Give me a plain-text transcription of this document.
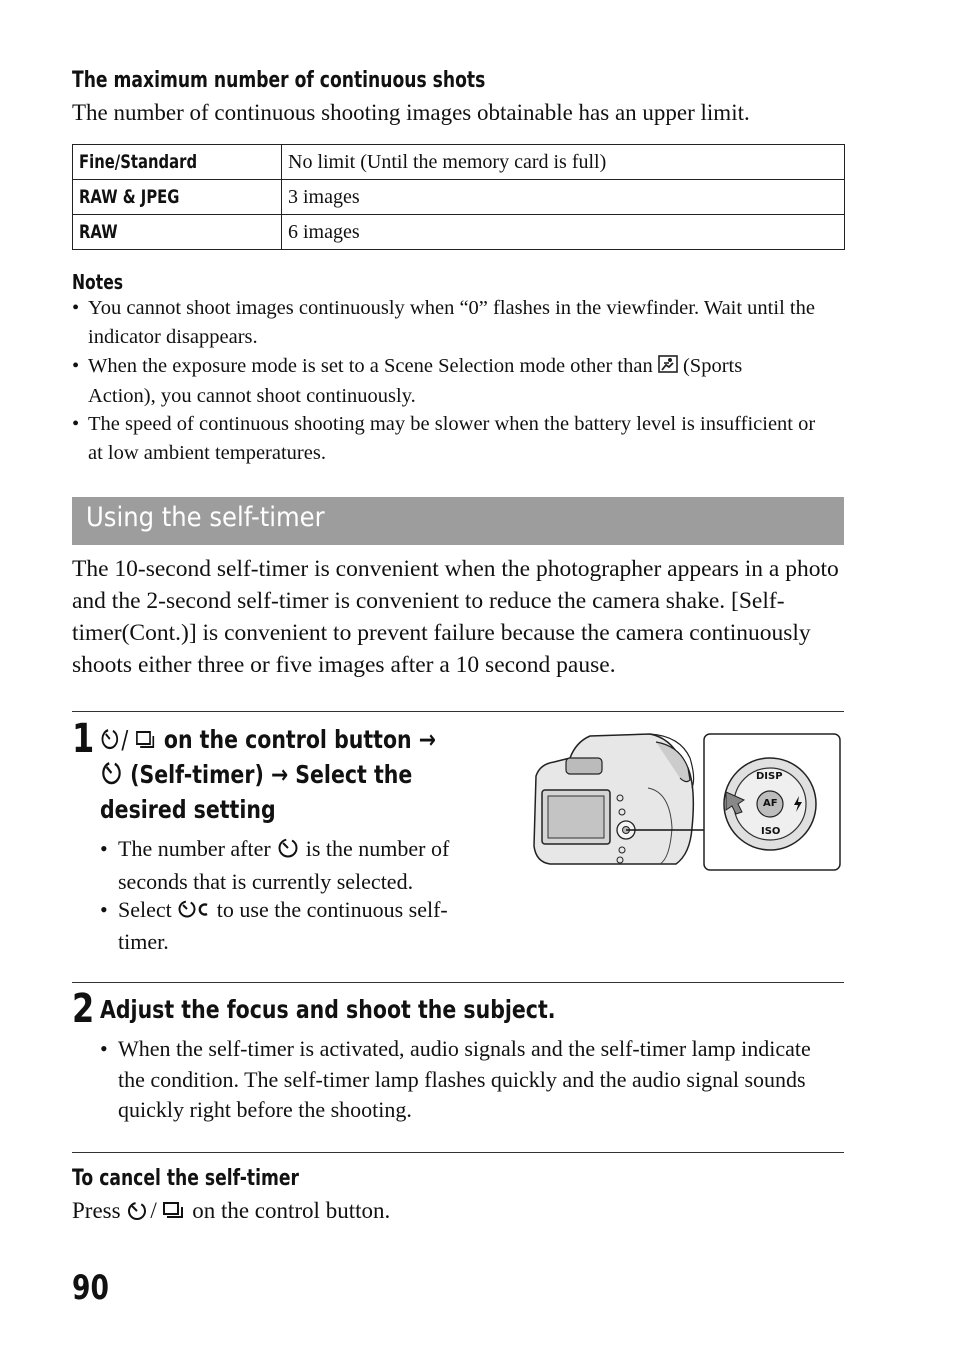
The maximum number of continuous shots
The number of continuous shooting images obtainable has an upper limit.
Fine/Standard	No limit (Until the memory card is full)
RAW & JPEG	3 images
RAW	6 images
Notes
• You cannot shoot images continuously when “0” flashes in the viewfinder. Wait until the indicator disappears.
• When the exposure mode is set to a Scene Selection mode other than (Sports
Action), you cannot shoot continuously.
• The speed of continuous shooting may be slower when the battery level is insufficient or at low ambient temperatures.
Using the self-timer
The 10-second self-timer is convenient when the photographer appears in a photo and the 2-second self-timer is convenient to reduce the camera shake. [Self-timer(Cont.)] is convenient to prevent failure because the camera continuously shoots either three or five images after a 10 second pause.
1	/ on the control button →
(Self-timer) → Select the
desired setting
• The number after is the number of
seconds that is currently selected.
• Select to use the continuous self-
timer.
DISP
AF
ISO
2 Adjust the focus and shoot the subject.
• When the self-timer is activated, audio signals and the self-timer lamp indicate the condition. The self-timer lamp flashes quickly and the audio signal sounds quickly right before the shooting.
To cancel the self-timer
Press / on the control button.
90
